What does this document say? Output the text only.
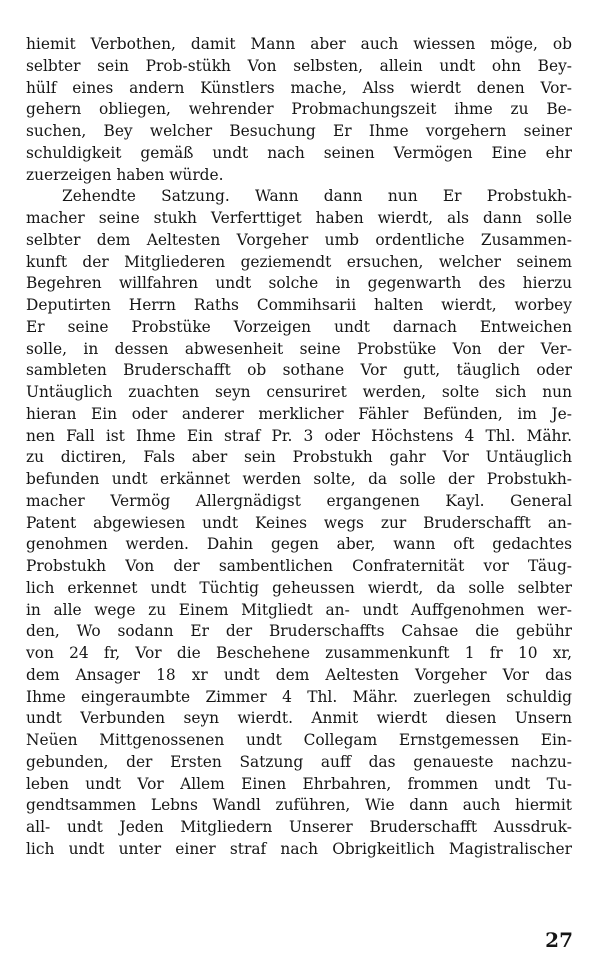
hiemit Verbothen, damit Mann aber auch wiessen möge, ob
selbter sein Prob-stükh Von selbsten, allein undt ohn Bey-
hülf eines andern Künstlers mache, Alss wierdt denen Vor-
gehern obliegen, wehrender Probmachungszeit ihme zu Be-
suchen, Bey welcher Besuchung Er Ihme vorgehern seiner
schuldigkeit gemäß undt nach seinen Vermögen Eine ehr
zuerzeigen haben würde.
Zehendte Satzung. Wann dann nun Er Probstukh-
macher seine stukh Verferttiget haben wierdt, als dann solle
selbter dem Aeltesten Vorgeher umb ordentliche Zusammen-
kunft der Mitgliederen geziemendt ersuchen, welcher seinem
Begehren willfahren undt solche in gegenwarth des hierzu
Deputirten Herrn Raths Commihsarii halten wierdt, worbey
Er seine Probstüke Vorzeigen undt darnach Entweichen
solle, in dessen abwesenheit seine Probstüke Von der Ver-
sambleten Bruderschafft ob sothane Vor gutt, täuglich oder
Untäuglich zuachten seyn censuriret werden, solte sich nun
hieran Ein oder anderer merklicher Fähler Befünden, im Je-
nen Fall ist Ihme Ein straf Pr. 3 oder Höchstens 4 Thl. Mähr.
zu dictiren, Fals aber sein Probstukh gahr Vor Untäuglich
befunden undt erkännet werden solte, da solle der Probstukh-
macher Vermög Allergnädigst ergangenen Kayl. General
Patent abgewiesen undt Keines wegs zur Bruderschafft an-
genohmen werden. Dahin gegen aber, wann oft gedachtes
Probstukh Von der sambentlichen Confraternität vor Täug-
lich erkennet undt Tüchtig geheussen wierdt, da solle selbter
in alle wege zu Einem Mitgliedt an- undt Auffgenohmen wer-
den, Wo sodann Er der Bruderschaffts Cahsae die gebühr
von 24 fr, Vor die Beschehene zusammenkunft 1 fr 10 xr,
dem Ansager 18 xr undt dem Aeltesten Vorgeher Vor das
Ihme eingeraumbte Zimmer 4 Thl. Mähr. zuerlegen schuldig
undt Verbunden seyn wierdt. Anmit wierdt diesen Unsern
Neüen Mittgenossenen undt Collegam Ernstgemessen Ein-
gebunden, der Ersten Satzung auff das genaueste nachzu-
leben undt Vor Allem Einen Ehrbahren, frommen undt Tu-
gendtsammen Lebns Wandl zuführen, Wie dann auch hiermit
all- undt Jeden Mitgliedern Unserer Bruderschafft Aussdruk-
lich undt unter einer straf nach Obrigkeitlich Magistralischer
27
